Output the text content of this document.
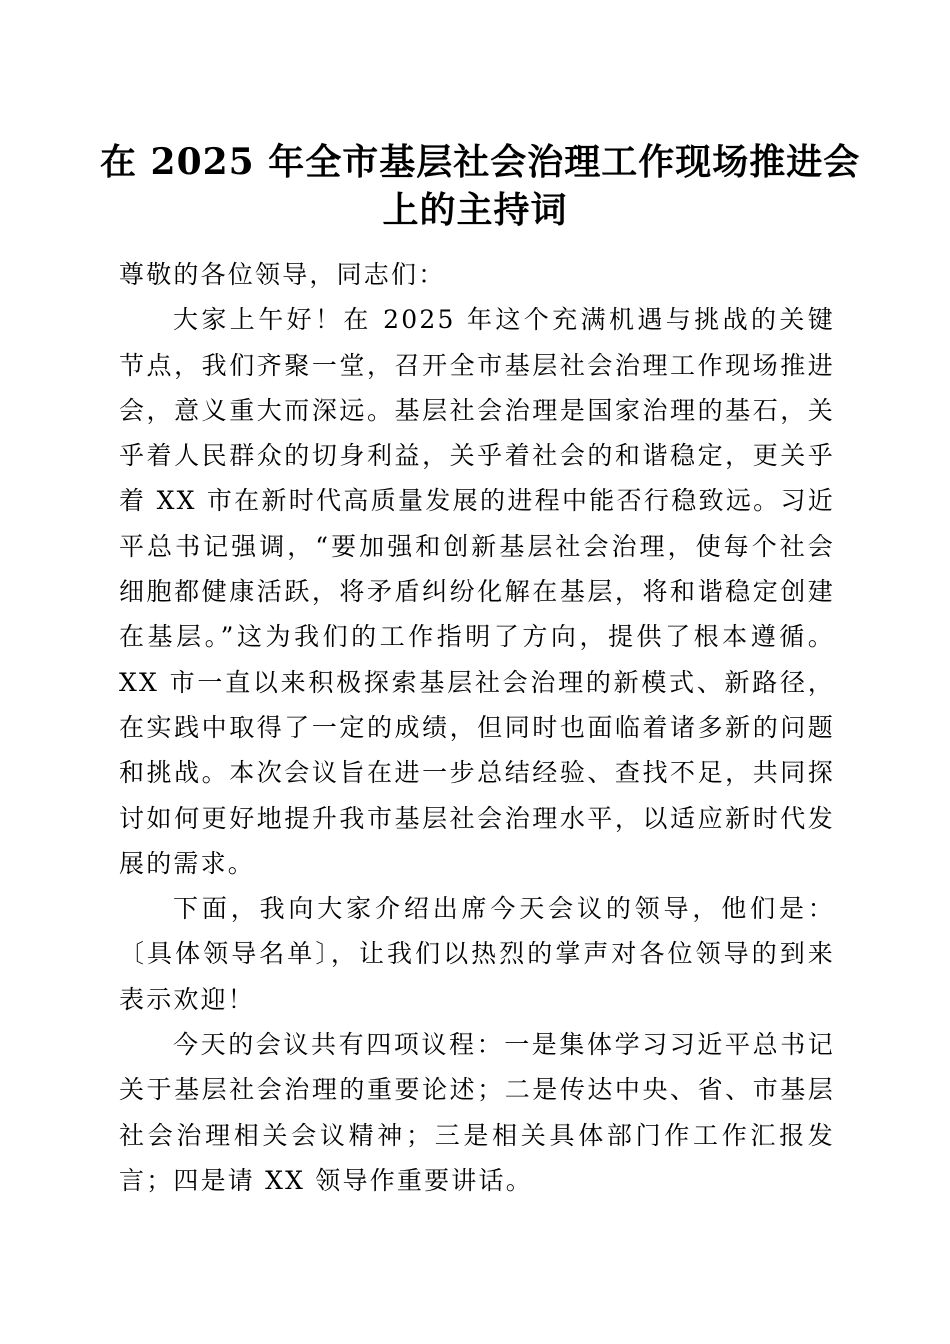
在 2025 年全市基层社会治理工作现场推进会
上的主持词

尊敬的各位领导，同志们：

大家上午好！在 2025 年这个充满机遇与挑战的关键节点，我们齐聚一堂，召开全市基层社会治理工作现场推进会，意义重大而深远。基层社会治理是国家治理的基石，关乎着人民群众的切身利益，关乎着社会的和谐稳定，更关乎着 XX 市在新时代高质量发展的进程中能否行稳致远。习近平总书记强调，“要加强和创新基层社会治理，使每个社会细胞都健康活跃，将矛盾纠纷化解在基层，将和谐稳定创建在基层。”这为我们的工作指明了方向，提供了根本遵循。XX 市一直以来积极探索基层社会治理的新模式、新路径，在实践中取得了一定的成绩，但同时也面临着诸多新的问题和挑战。本次会议旨在进一步总结经验、查找不足，共同探讨如何更好地提升我市基层社会治理水平，以适应新时代发展的需求。

下面，我向大家介绍出席今天会议的领导，他们是：〔具体领导名单〕，让我们以热烈的掌声对各位领导的到来表示欢迎！

今天的会议共有四项议程：一是集体学习习近平总书记关于基层社会治理的重要论述；二是传达中央、省、市基层社会治理相关会议精神；三是相关具体部门作工作汇报发言；四是请 XX 领导作重要讲话。
